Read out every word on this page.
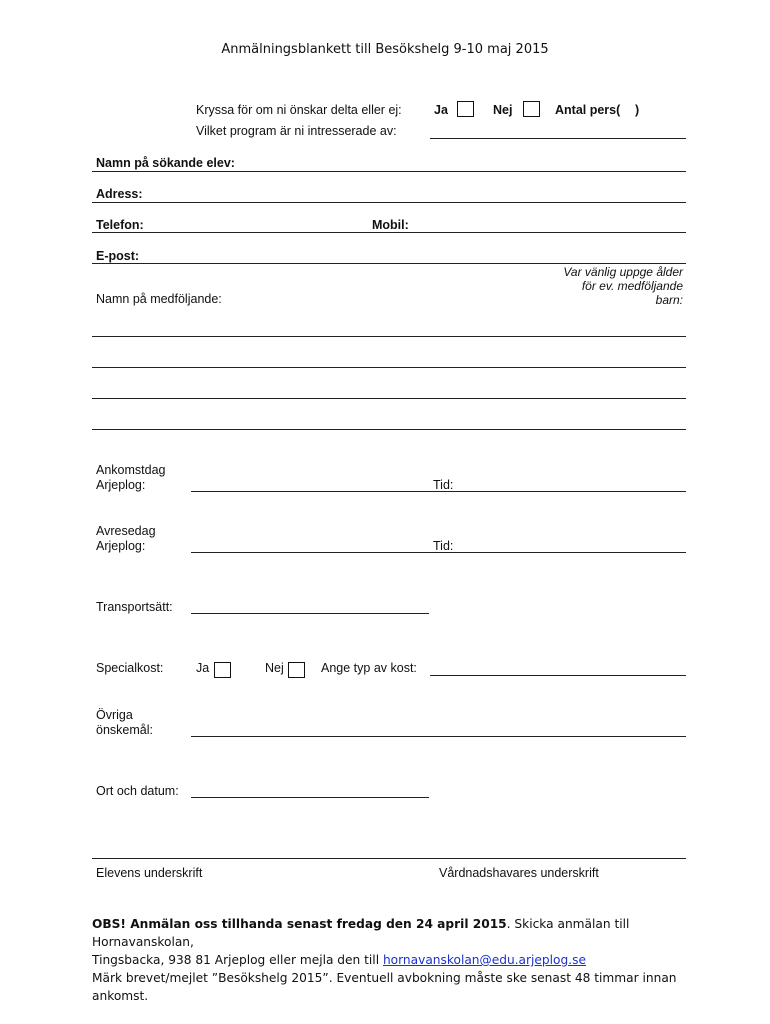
Anmälningsblankett till Besökshelg 9-10 maj 2015
Kryssa för om ni önskar delta eller ej:	Ja	Nej	Antal pers( )
Vilket program är ni intresserade av:
Namn på sökande elev:
Adress:
Telefon:	Mobil:
E-post:
Var vänlig uppge ålder
för ev. medföljande
barn:
Namn på medföljande:
Ankomstdag
Arjeplog:	Tid:
Avresedag
Arjeplog:	Tid:
Transportsätt:
Specialkost:	Ja	Nej	Ange typ av kost:
Övriga
önskemål:
Ort och datum:
Elevens underskrift	Vårdnadshavares underskrift
OBS! Anmälan oss tillhanda senast fredag den 24 april 2015. Skicka anmälan till Hornavanskolan,
Tingsbacka, 938 81 Arjeplog eller mejla den till hornavanskolan@edu.arjeplog.se
Märk brevet/mejlet ”Besökshelg 2015”. Eventuell avbokning måste ske senast 48 timmar innan
ankomst.
